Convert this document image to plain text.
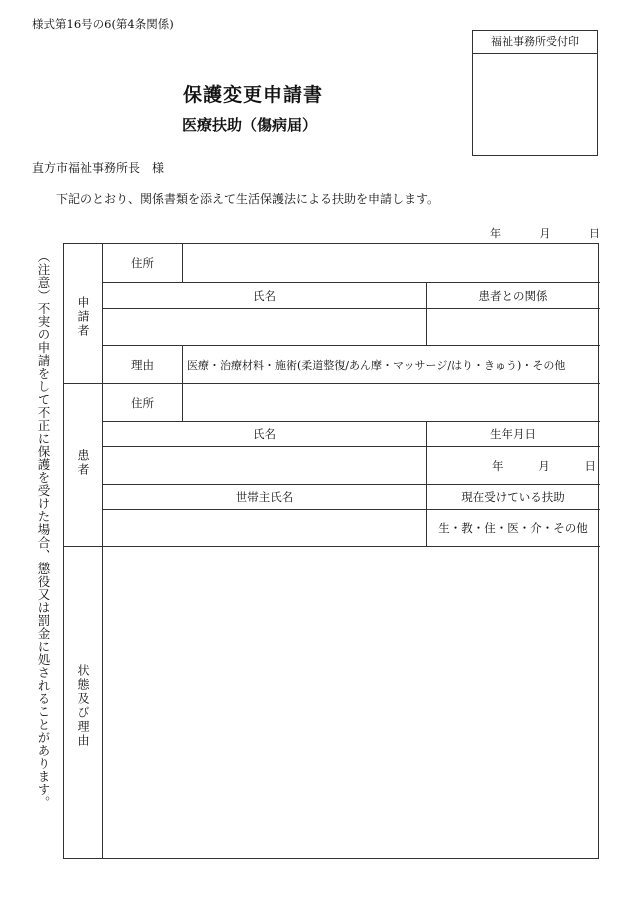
様式第16号の6(第4条関係)
福祉事務所受付印
保護変更申請書
医療扶助（傷病届）
直方市福祉事務所長　様
下記のとおり、関係書類を添えて生活保護法による扶助を申請します。
年	月	日
（注意）不実の申請をして不正に保護を受けた場合、懲役又は罰金に処されることがあります。 申請者
住所
氏名	患者との関係
理由	医療・治療材料・施術(柔道整復/あん摩・マッサージ/はり・きゅう)・その他
患者
住所
氏名	生年月日
年	月	日
世帯主氏名	現在受けている扶助
生・教・住・医・介・その他
状態及び理由
